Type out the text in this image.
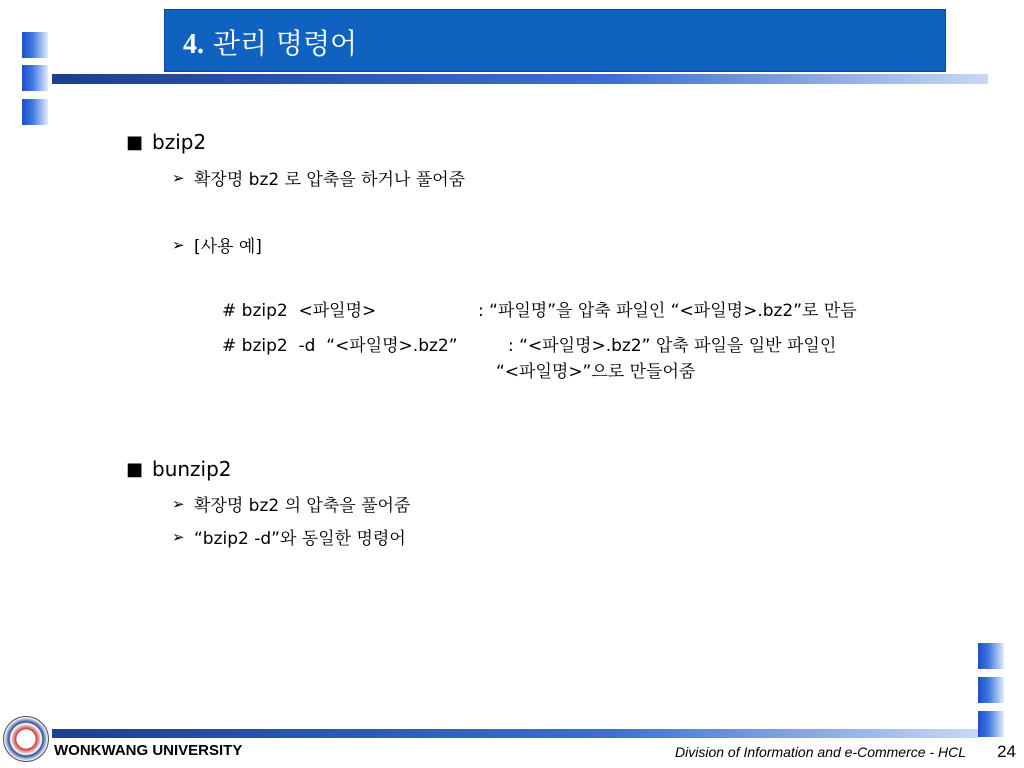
4. 관리 명령어
■ bzip2
➢ 확장명 bz2 로 압축을 하거나 풀어줌
➢ [사용 예]
# bzip2  <파일명>	: “파일명”을 압축 파일인 “<파일명>.bz2”로 만듬
# bzip2  -d  “<파일명>.bz2”	: “<파일명>.bz2” 압축 파일을 일반 파일인
“<파일명>”으로 만들어줌
■ bunzip2
➢ 확장명 bz2 의 압축을 풀어줌
➢ “bzip2 -d”와 동일한 명령어
WONKWANG UNIVERSITY	Division of Information and e-Commerce - HCL 24
